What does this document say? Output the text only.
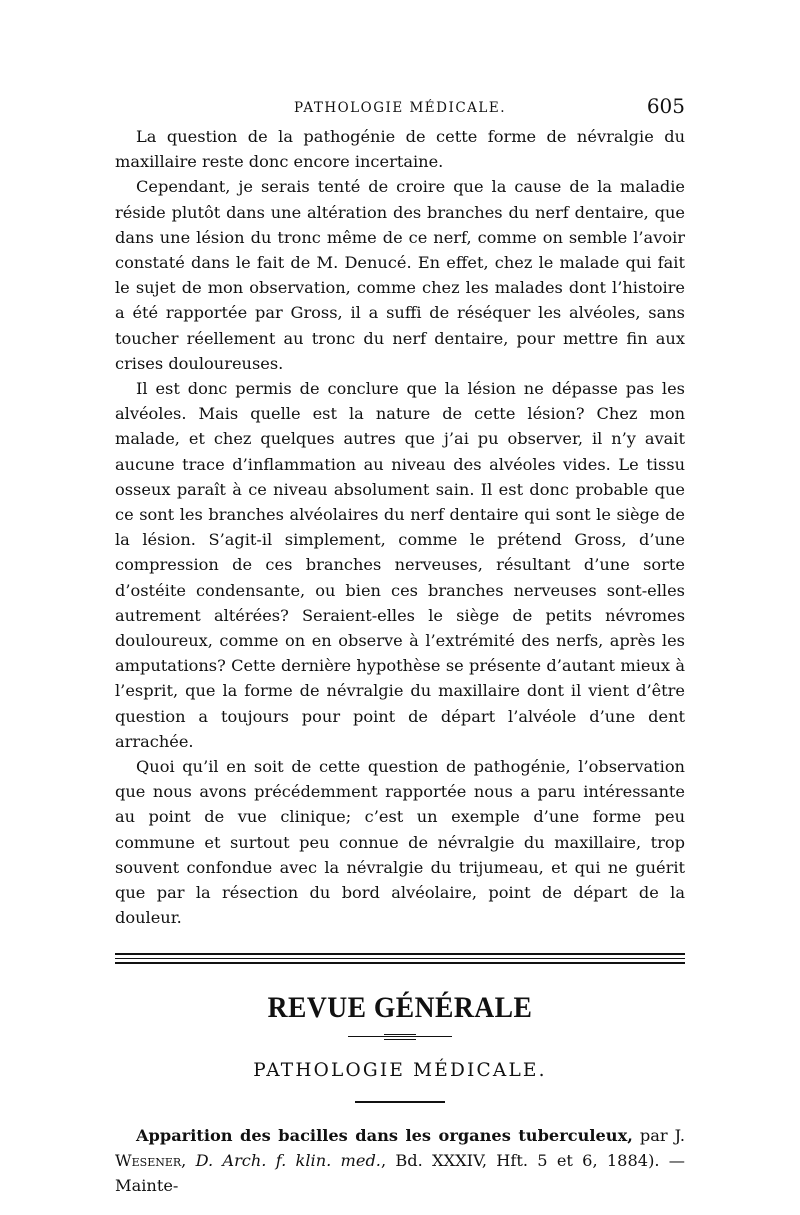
PATHOLOGIE MÉDICALE.	605

La question de la pathogénie de cette forme de névralgie du maxillaire reste donc encore incertaine.

Cependant, je serais tenté de croire que la cause de la maladie réside plutôt dans une altération des branches du nerf dentaire, que dans une lésion du tronc même de ce nerf, comme on semble l’avoir constaté dans le fait de M. Denucé. En effet, chez le malade qui fait le sujet de mon observation, comme chez les malades dont l’histoire a été rapportée par Gross, il a suffi de réséquer les alvéoles, sans toucher réellement au tronc du nerf dentaire, pour mettre fin aux crises douloureuses.

Il est donc permis de conclure que la lésion ne dépasse pas les alvéoles. Mais quelle est la nature de cette lésion? Chez mon malade, et chez quelques autres que j’ai pu observer, il n’y avait aucune trace d’inflammation au niveau des alvéoles vides. Le tissu osseux paraît à ce niveau absolument sain. Il est donc probable que ce sont les branches alvéolaires du nerf dentaire qui sont le siège de la lésion. S’agit-il simplement, comme le prétend Gross, d’une compression de ces branches nerveuses, résultant d’une sorte d’ostéite condensante, ou bien ces branches nerveuses sont-elles autrement altérées? Seraient-elles le siège de petits névromes douloureux, comme on en observe à l’extrémité des nerfs, après les amputations? Cette dernière hypothèse se présente d’autant mieux à l’esprit, que la forme de névralgie du maxillaire dont il vient d’être question a toujours pour point de départ l’alvéole d’une dent arrachée.

Quoi qu’il en soit de cette question de pathogénie, l’observation que nous avons précédemment rapportée nous a paru intéressante au point de vue clinique; c’est un exemple d’une forme peu commune et surtout peu connue de névralgie du maxillaire, trop souvent confondue avec la névralgie du trijumeau, et qui ne guérit que par la résection du bord alvéolaire, point de départ de la douleur.

REVUE GÉNÉRALE
PATHOLOGIE MÉDICALE.

Apparition des bacilles dans les organes tuberculeux, par J. Wesener, D. Arch. f. klin. med., Bd. XXXIV, Hft. 5 et 6, 1884). — Mainte-
